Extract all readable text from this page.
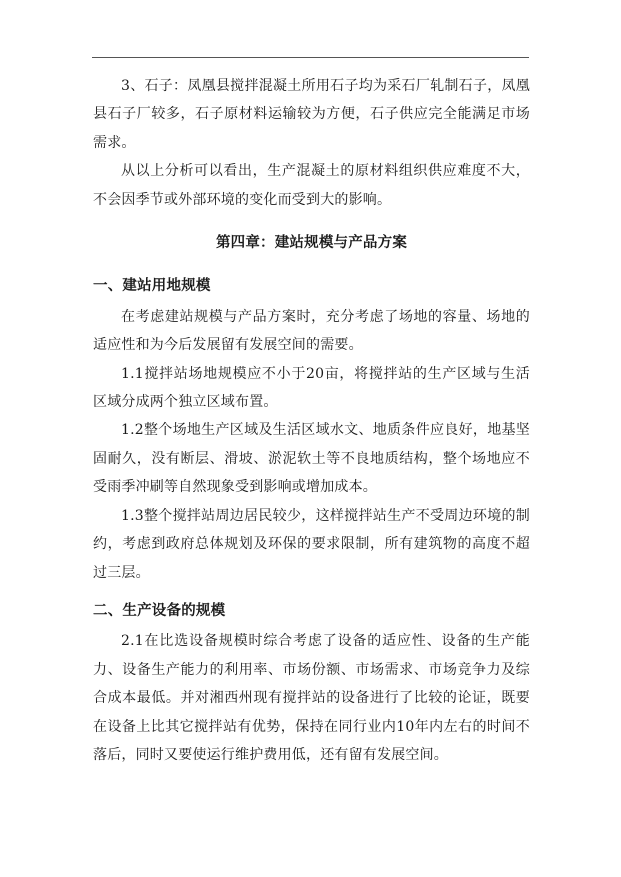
3、石子：凤凰县搅拌混凝土所用石子均为采石厂轧制石子，凤凰县石子厂较多，石子原材料运输较为方便，石子供应完全能满足市场需求。

从以上分析可以看出，生产混凝土的原材料组织供应难度不大，不会因季节或外部环境的变化而受到大的影响。

第四章：建站规模与产品方案

一、建站用地规模

在考虑建站规模与产品方案时，充分考虑了场地的容量、场地的适应性和为今后发展留有发展空间的需要。

1.1搅拌站场地规模应不小于20亩，将搅拌站的生产区域与生活区域分成两个独立区域布置。

1.2整个场地生产区域及生活区域水文、地质条件应良好，地基坚固耐久，没有断层、滑坡、淤泥软土等不良地质结构，整个场地应不受雨季冲刷等自然现象受到影响或增加成本。

1.3整个搅拌站周边居民较少，这样搅拌站生产不受周边环境的制约，考虑到政府总体规划及环保的要求限制，所有建筑物的高度不超过三层。

二、生产设备的规模

2.1在比选设备规模时综合考虑了设备的适应性、设备的生产能力、设备生产能力的利用率、市场份额、市场需求、市场竞争力及综合成本最低。并对湘西州现有搅拌站的设备进行了比较的论证，既要在设备上比其它搅拌站有优势，保持在同行业内10年内左右的时间不落后，同时又要使运行维护费用低，还有留有发展空间。
